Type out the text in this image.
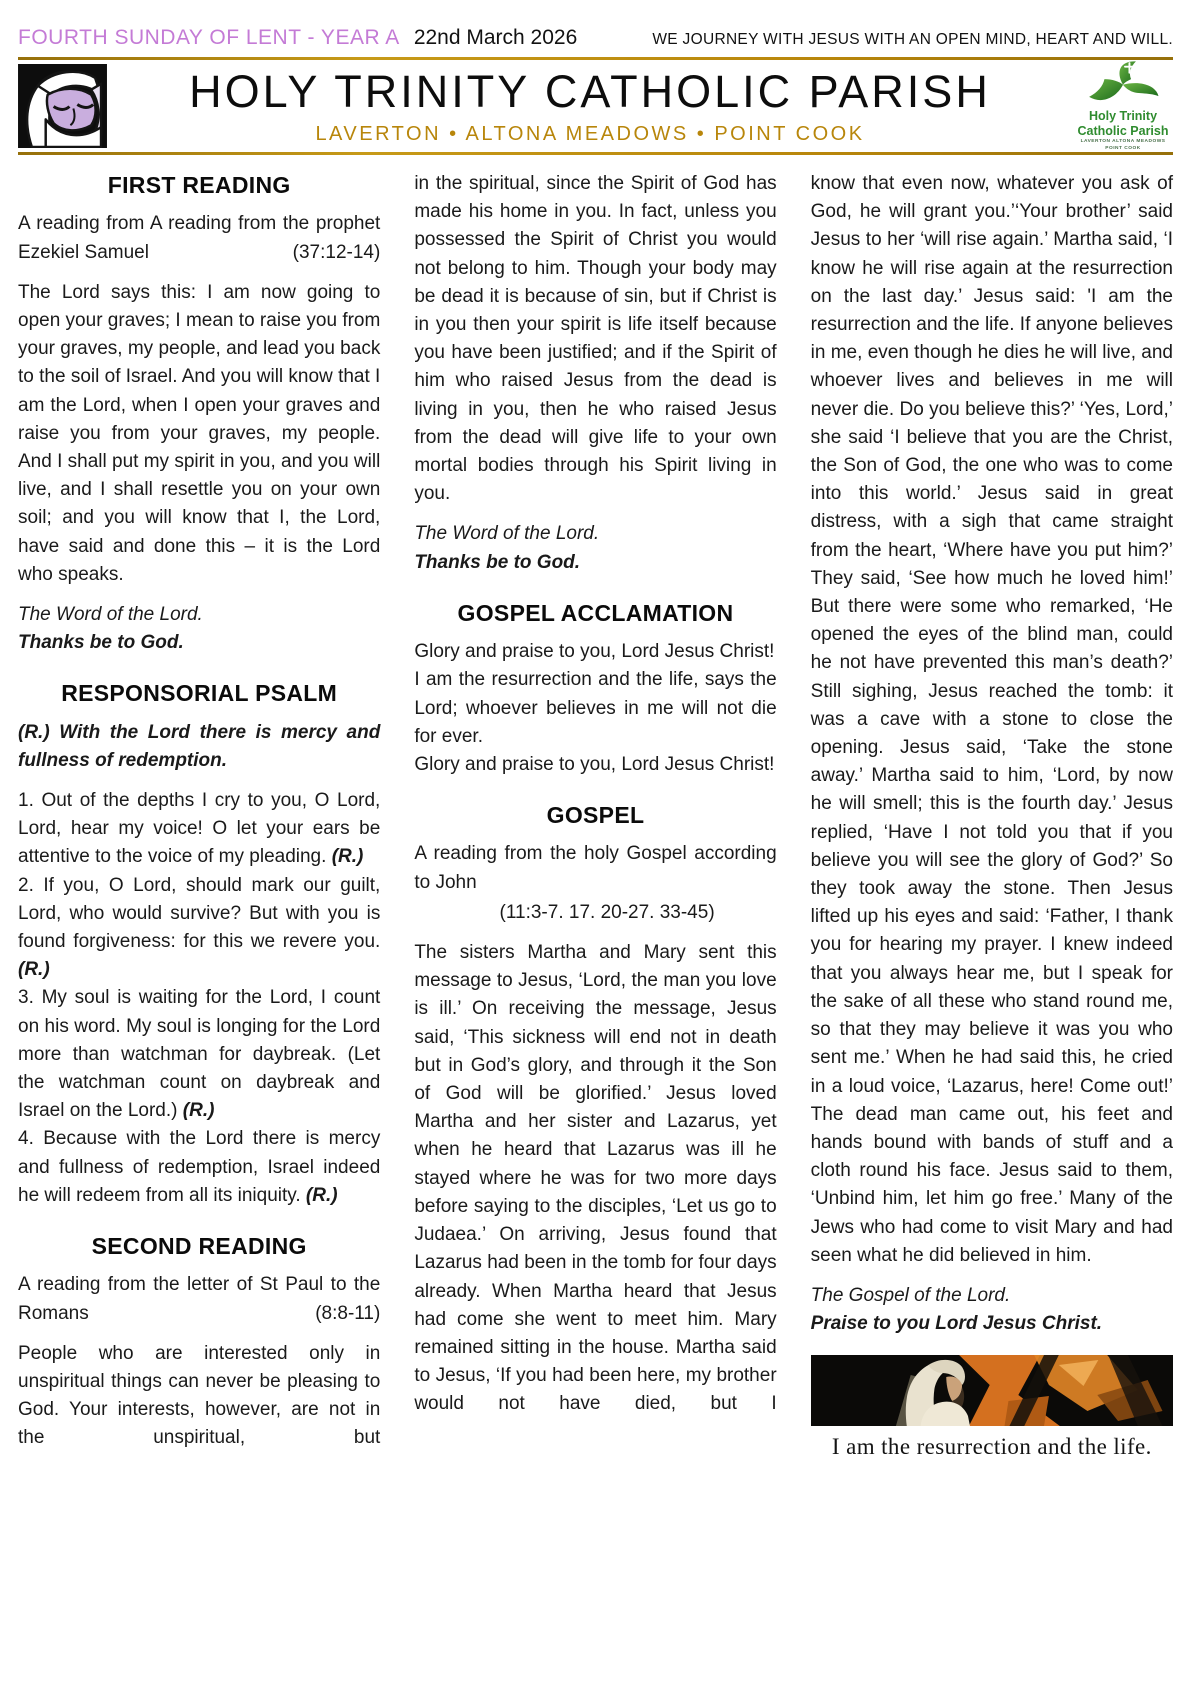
FOURTH SUNDAY OF LENT - YEAR A 22nd March 2026	WE JOURNEY WITH JESUS WITH AN OPEN MIND, HEART AND WILL.
HOLY TRINITY CATHOLIC PARISH
LAVERTON • ALTONA MEADOWS • POINT COOK
Holy Trinity
Catholic Parish
LAVERTON ALTONA MEADOWS
POINT COOK
FIRST READING

A reading from A reading from the prophet Ezekiel Samuel	(37:12-14)

The Lord says this: I am now going to open your graves; I mean to raise you from your graves, my people, and lead you back to the soil of Israel. And you will know that I am the Lord, when I open your graves and raise you from your graves, my people. And I shall put my spirit in you, and you will live, and I shall resettle you on your own soil; and you will know that I, the Lord, have said and done this – it is the Lord who speaks.

The Word of the Lord.

Thanks be to God.

RESPONSORIAL PSALM

(R.) With the Lord there is mercy and fullness of redemption.

1. Out of the depths I cry to you, O Lord, Lord, hear my voice! O let your ears be attentive to the voice of my pleading. (R.)

2. If you, O Lord, should mark our guilt, Lord, who would survive? But with you is found forgiveness: for this we revere you. (R.)

3. My soul is waiting for the Lord, I count on his word. My soul is longing for the Lord more than watchman for daybreak. (Let the watchman count on daybreak and Israel on the Lord.) (R.)

4. Because with the Lord there is mercy and fullness of redemption, Israel indeed he will redeem from all its iniquity. (R.)

SECOND READING

A reading from the letter of St Paul to the Romans	(8:8-11)

People who are interested only in unspiritual things can never be pleasing to God. Your interests, however, are not in the unspiritual, but

in the spiritual, since the Spirit of God has made his home in you. In fact, unless you possessed the Spirit of Christ you would not belong to him. Though your body may be dead it is because of sin, but if Christ is in you then your spirit is life itself because you have been justified; and if the Spirit of him who raised Jesus from the dead is living in you, then he who raised Jesus from the dead will give life to your own mortal bodies through his Spirit living in you.

The Word of the Lord.

Thanks be to God.

GOSPEL ACCLAMATION

Glory and praise to you, Lord Jesus Christ!

I am the resurrection and the life, says the Lord; whoever believes in me will not die for ever.

Glory and praise to you, Lord Jesus Christ!

GOSPEL

A reading from the holy Gospel according to John

(11:3-7. 17. 20-27. 33-45)

The sisters Martha and Mary sent this message to Jesus, ‘Lord, the man you love is ill.’ On receiving the message, Jesus said, ‘This sickness will end not in death but in God’s glory, and through it the Son of God will be glorified.’ Jesus loved Martha and her sister and Lazarus, yet when he heard that Lazarus was ill he stayed where he was for two more days before saying to the disciples, ‘Let us go to Judaea.’ On arriving, Jesus found that Lazarus had been in the tomb for four days already. When Martha heard that Jesus had come she went to meet him. Mary remained sitting in the house. Martha said to Jesus, ‘If you had been here, my brother would not have died, but I

know that even now, whatever you ask of God, he will grant you.’‘Your brother’ said Jesus to her ‘will rise again.’ Martha said, ‘I know he will rise again at the resurrection on the last day.’ Jesus said: 'I am the resurrection and the life. If anyone believes in me, even though he dies he will live, and whoever lives and believes in me will never die. Do you believe this?’ ‘Yes, Lord,’ she said ‘I believe that you are the Christ, the Son of God, the one who was to come into this world.’ Jesus said in great distress, with a sigh that came straight from the heart, ‘Where have you put him?’ They said, ‘See how much he loved him!’ But there were some who remarked, ‘He opened the eyes of the blind man, could he not have prevented this man’s death?’ Still sighing, Jesus reached the tomb: it was a cave with a stone to close the opening. Jesus said, ‘Take the stone away.’ Martha said to him, ‘Lord, by now he will smell; this is the fourth day.’ Jesus replied, ‘Have I not told you that if you believe you will see the glory of God?’ So they took away the stone. Then Jesus lifted up his eyes and said: ‘Father, I thank you for hearing my prayer. I knew indeed that you always hear me, but I speak for the sake of all these who stand round me, so that they may believe it was you who sent me.’ When he had said this, he cried in a loud voice, ‘Lazarus, here! Come out!’ The dead man came out, his feet and hands bound with bands of stuff and a cloth round his face. Jesus said to them, ‘Unbind him, let him go free.’ Many of the Jews who had come to visit Mary and had seen what he did believed in him.

The Gospel of the Lord.

Praise to you Lord Jesus Christ.

I am the resurrection and the life.
